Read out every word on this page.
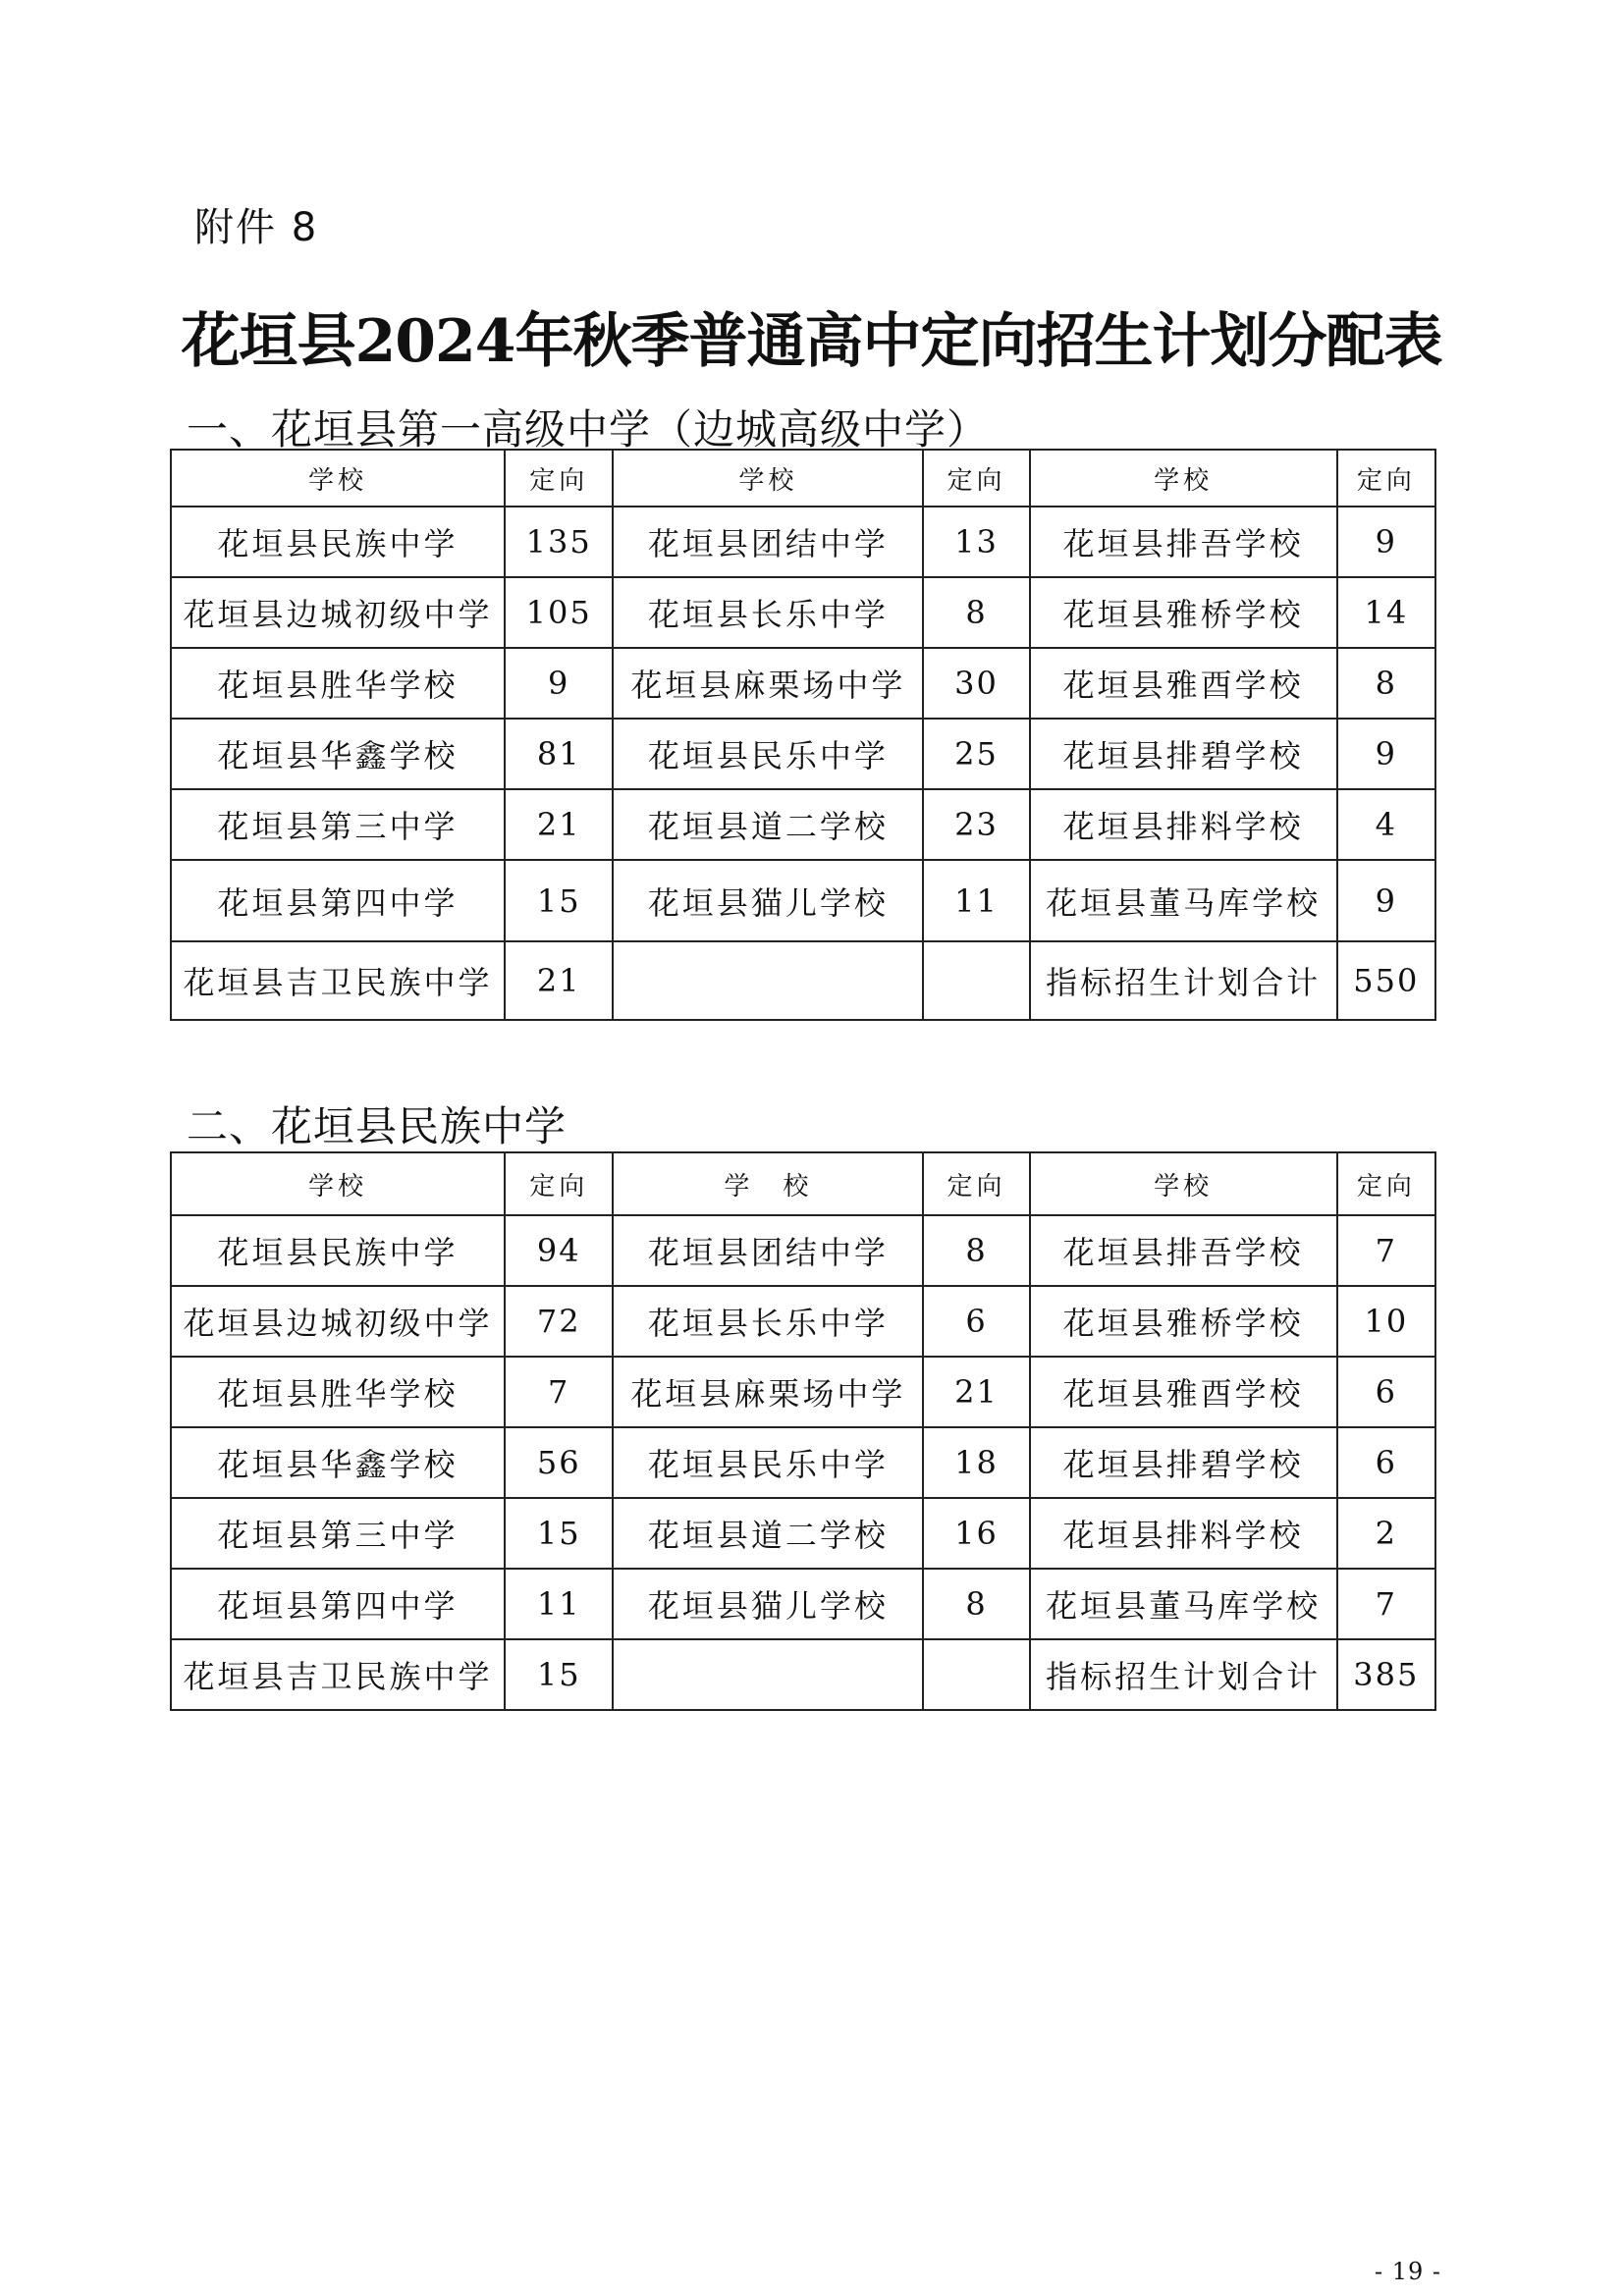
附件 8
花垣县2024年秋季普通高中定向招生计划分配表
一、花垣县第一高级中学（边城高级中学）
学校	定向	学校	定向	学校	定向
花垣县民族中学	135	花垣县团结中学	13	花垣县排吾学校	9
花垣县边城初级中学	105	花垣县长乐中学	8	花垣县雅桥学校	14
花垣县胜华学校	9	花垣县麻栗场中学	30	花垣县雅酉学校	8
花垣县华鑫学校	81	花垣县民乐中学	25	花垣县排碧学校	9
花垣县第三中学	21	花垣县道二学校	23	花垣县排料学校	4
花垣县第四中学	15	花垣县猫儿学校	11	花垣县董马库学校	9
花垣县吉卫民族中学	21			指标招生计划合计	550
二、花垣县民族中学
学校	定向	学　校	定向	学校	定向
花垣县民族中学	94	花垣县团结中学	8	花垣县排吾学校	7
花垣县边城初级中学	72	花垣县长乐中学	6	花垣县雅桥学校	10
花垣县胜华学校	7	花垣县麻栗场中学	21	花垣县雅酉学校	6
花垣县华鑫学校	56	花垣县民乐中学	18	花垣县排碧学校	6
花垣县第三中学	15	花垣县道二学校	16	花垣县排料学校	2
花垣县第四中学	11	花垣县猫儿学校	8	花垣县董马库学校	7
花垣县吉卫民族中学	15			指标招生计划合计	385
- 19 -
